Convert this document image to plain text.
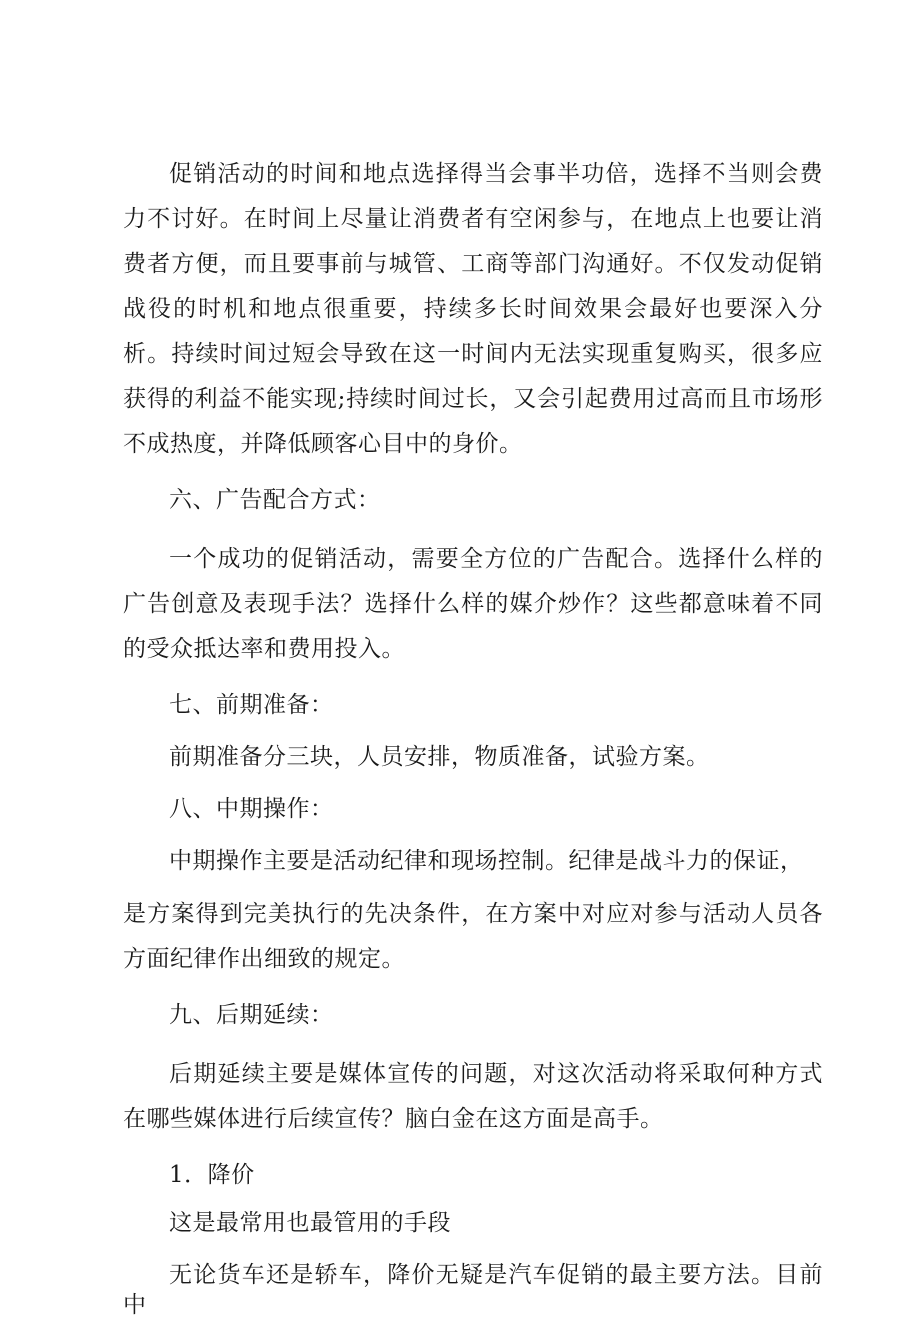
促销活动的时间和地点选择得当会事半功倍，选择不当则会费力不讨好。在时间上尽量让消费者有空闲参与，在地点上也要让消费者方便，而且要事前与城管、工商等部门沟通好。不仅发动促销战役的时机和地点很重要，持续多长时间效果会最好也要深入分析。持续时间过短会导致在这一时间内无法实现重复购买，很多应获得的利益不能实现;持续时间过长，又会引起费用过高而且市场形不成热度，并降低顾客心目中的身价。

六、广告配合方式：

一个成功的促销活动，需要全方位的广告配合。选择什么样的广告创意及表现手法？选择什么样的媒介炒作？这些都意味着不同的受众抵达率和费用投入。

七、前期准备：

前期准备分三块，人员安排，物质准备，试验方案。

八、中期操作：

中期操作主要是活动纪律和现场控制。纪律是战斗力的保证，

是方案得到完美执行的先决条件，在方案中对应对参与活动人员各方面纪律作出细致的规定。

九、后期延续：

后期延续主要是媒体宣传的问题，对这次活动将采取何种方式在哪些媒体进行后续宣传？脑白金在这方面是高手。

1．降价

这是最常用也最管用的手段

无论货车还是轿车，降价无疑是汽车促销的最主要方法。目前中
